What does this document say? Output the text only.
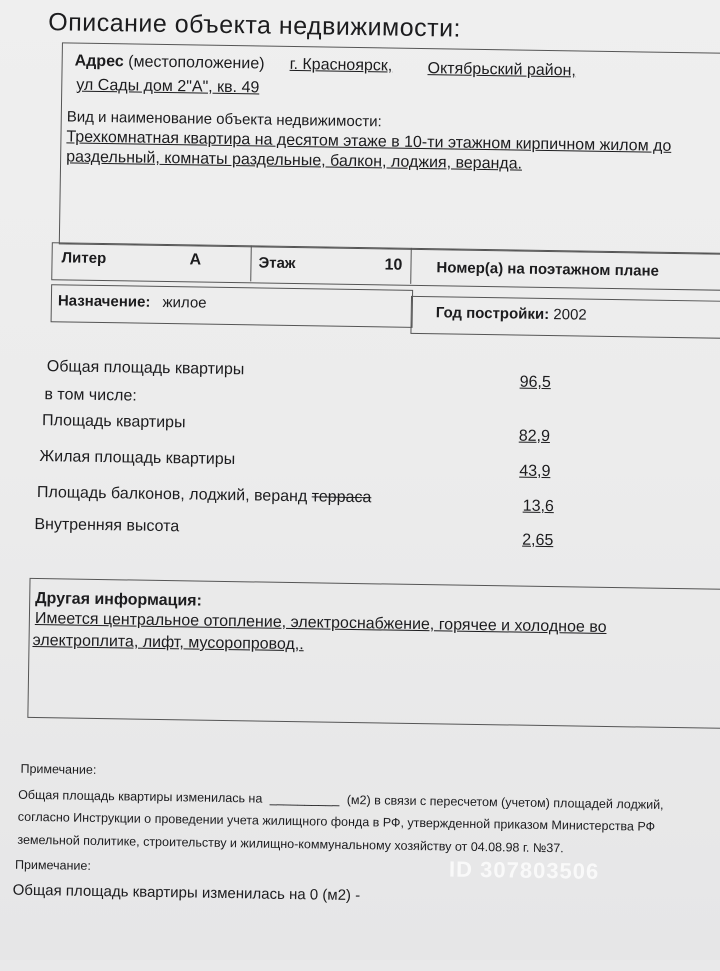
Описание объекта недвижимости:
Адрес (местоположение) г. Красноярск, Октябрьский район,
ул Сады дом 2"А", кв. 49
Вид и наименование объекта недвижимости:
Трехкомнатная квартира на десятом этаже в 10-ти этажном кирпичном жилом до
раздельный, комнаты раздельные, балкон, лоджия, веранда.
Литер	А	Этаж	10 Номер(а) на поэтажном плане
Назначение: жилое
Год постройки: 2002
Общая площадь квартиры
96,5
в том числе:
Площадь квартиры
82,9
Жилая площадь квартиры
43,9
Площадь балконов, лоджий, веранд терраса
13,6
Внутренняя высота
2,65
Другая информация:
Имеется центральное отопление, электроснабжение, горячее и холодное во
электроплита, лифт, мусоропровод,.
Примечание:
Общая площадь квартиры изменилась на __________ (м2) в связи с пересчетом (учетом) площадей лоджий,
согласно Инструкции о проведении учета жилищного фонда в РФ, утвержденной приказом Министерства РФ
земельной политике, строительству и жилищно-коммунальному хозяйству от 04.08.98 г. №37.
ID 307803506
Примечание:
Общая площадь квартиры изменилась на 0 (м2) -
